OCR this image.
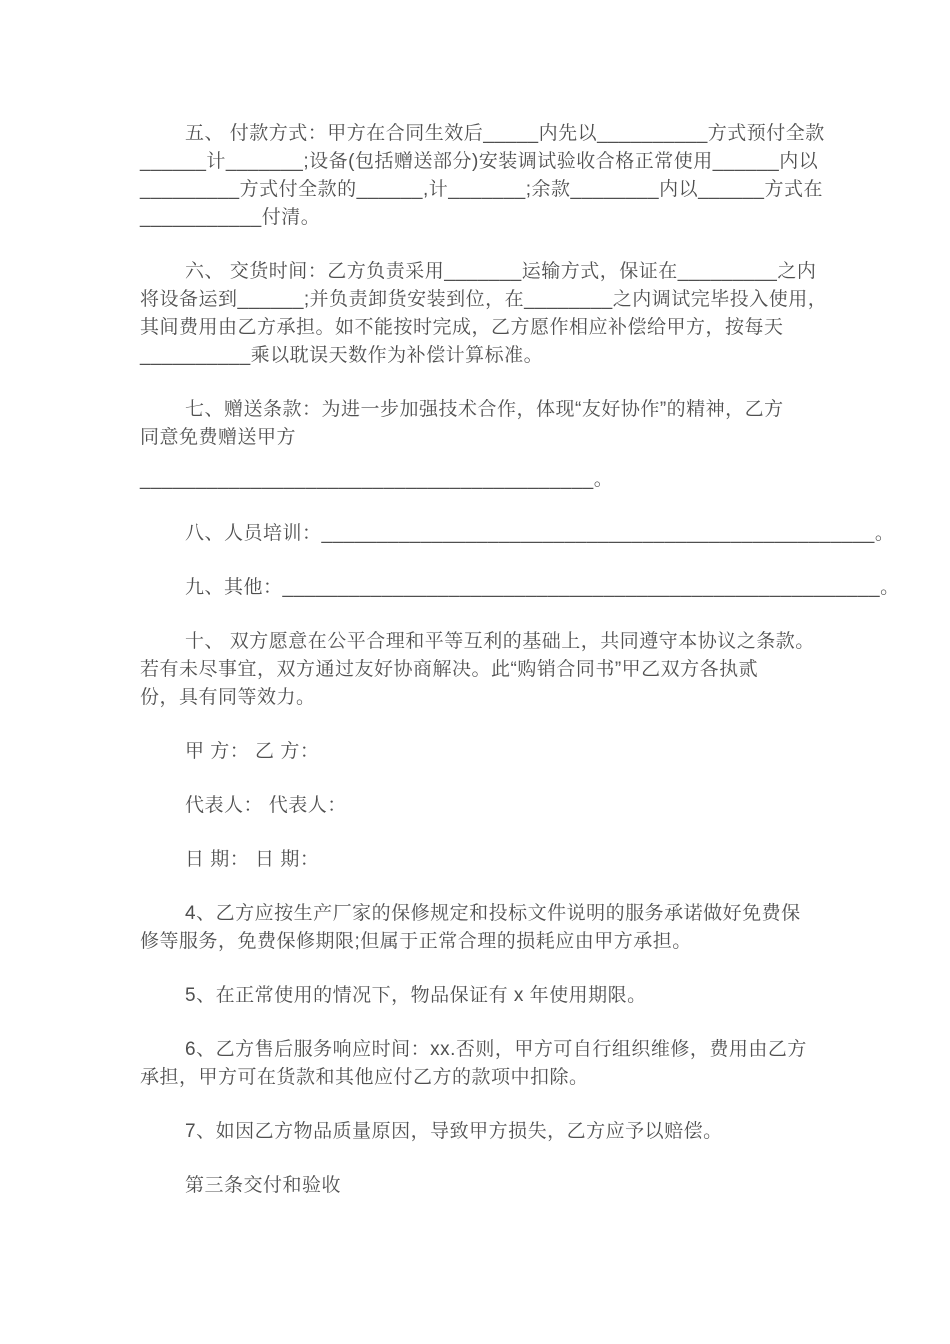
五、 付款方式：甲方在合同生效后_____内先以__________方式预付全款
______计_______;设备(包括赠送部分)安装调试验收合格正常使用______内以
_________方式付全款的______,计_______;余款________内以______方式在
___________付清。
六、 交货时间：乙方负责采用_______运输方式，保证在_________之内
将设备运到______;并负责卸货安装到位，在________之内调试完毕投入使用，
其间费用由乙方承担。如不能按时完成，乙方愿作相应补偿给甲方，按每天
__________乘以耽误天数作为补偿计算标准。
七、赠送条款：为进一步加强技术合作，体现“友好协作”的精神，乙方
同意免费赠送甲方
_________________________________________。
八、人员培训：__________________________________________________。
九、其他：______________________________________________________。
十、 双方愿意在公平合理和平等互利的基础上，共同遵守本协议之条款。
若有未尽事宜，双方通过友好协商解决。此“购销合同书”甲乙双方各执贰
份，具有同等效力。
甲 方： 乙 方：
代表人： 代表人：
日 期： 日 期：
4、乙方应按生产厂家的保修规定和投标文件说明的服务承诺做好免费保
修等服务，免费保修期限;但属于正常合理的损耗应由甲方承担。
5、在正常使用的情况下，物品保证有 x 年使用期限。
6、乙方售后服务响应时间：xx.否则，甲方可自行组织维修，费用由乙方
承担，甲方可在货款和其他应付乙方的款项中扣除。
7、如因乙方物品质量原因，导致甲方损失，乙方应予以赔偿。
第三条交付和验收
